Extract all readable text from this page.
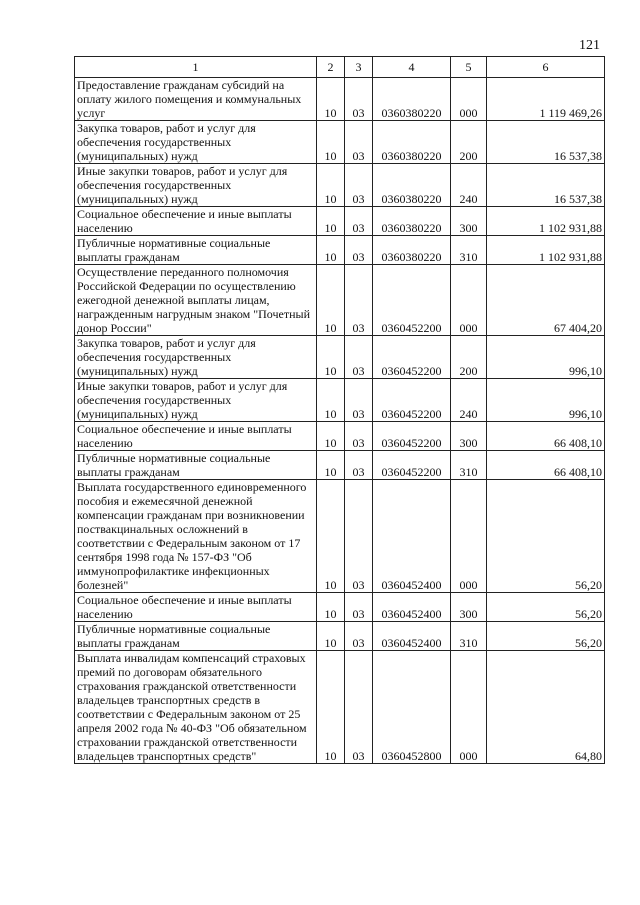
121
1	2	3	4	5	6
Предоставление гражданам субсидий на оплату жилого помещения и коммунальных услуг	10	03	0360380220	000	1 119 469,26
Закупка товаров, работ и услуг для обеспечения государственных (муниципальных) нужд	10	03	0360380220	200	16 537,38
Иные закупки товаров, работ и услуг для обеспечения государственных (муниципальных) нужд	10	03	0360380220	240	16 537,38
Социальное обеспечение и иные выплаты населению	10	03	0360380220	300	1 102 931,88
Публичные нормативные социальные выплаты гражданам	10	03	0360380220	310	1 102 931,88
Осуществление переданного полномочия Российской Федерации по осуществлению ежегодной денежной выплаты лицам, награжденным нагрудным знаком "Почетный донор России"	10	03	0360452200	000	67 404,20
Закупка товаров, работ и услуг для обеспечения государственных (муниципальных) нужд	10	03	0360452200	200	996,10
Иные закупки товаров, работ и услуг для обеспечения государственных (муниципальных) нужд	10	03	0360452200	240	996,10
Социальное обеспечение и иные выплаты населению	10	03	0360452200	300	66 408,10
Публичные нормативные социальные выплаты гражданам	10	03	0360452200	310	66 408,10
Выплата государственного единовременного пособия и ежемесячной денежной компенсации гражданам при возникновении поствакцинальных осложнений в соответствии с Федеральным законом от 17 сентября 1998 года № 157-ФЗ "Об иммунопрофилактике инфекционных болезней"	10	03	0360452400	000	56,20
Социальное обеспечение и иные выплаты населению	10	03	0360452400	300	56,20
Публичные нормативные социальные выплаты гражданам	10	03	0360452400	310	56,20
Выплата инвалидам компенсаций страховых премий по договорам обязательного страхования гражданской ответственности владельцев транспортных средств в соответствии с Федеральным законом от 25 апреля 2002 года № 40-ФЗ "Об обязательном страховании гражданской ответственности владельцев транспортных средств"	10	03	0360452800	000	64,80
